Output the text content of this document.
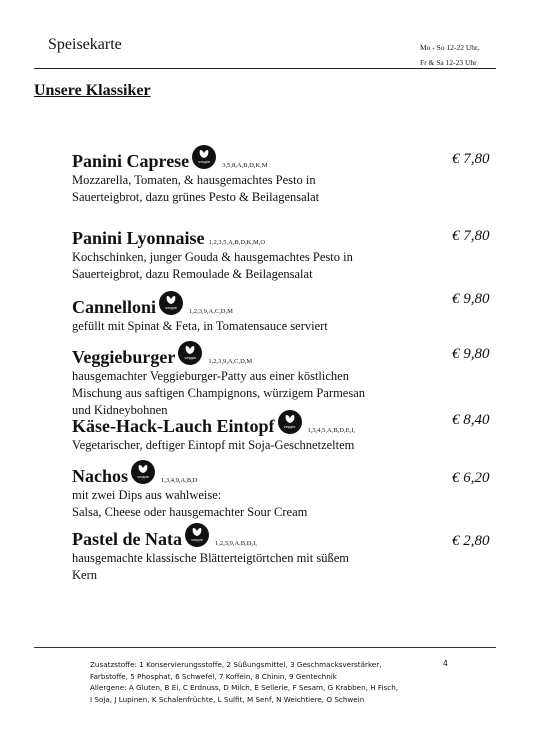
Speisekarte	Mo - So 12-22 Uhr,
Fr & Sa 12-23 Uhr
Unsere Klassiker
Panini Caprese	veggie	3,5,8,A,B,D,K,M
Mozzarella, Tomaten, & hausgemachtes Pesto in
Sauerteigbrot, dazu grünes Pesto & Beilagensalat
€ 7,80
Panini Lyonnaise 1,2,3,5,A,B,D,K,M,O
Kochschinken, junger Gouda & hausgemachtes Pesto in
Sauerteigbrot, dazu Remoulade & Beilagensalat
€ 7,80
Cannelloni	veggie	1,2,3,9,A,C,D,M
gefüllt mit Spinat & Feta, in Tomatensauce serviert
€ 9,80
Veggieburger	veggie	1,2,3,9,A,C,D,M
hausgemachter Veggieburger-Patty aus einer köstlichen
Mischung aus saftigen Champignons, würzigem Parmesan
und Kidneybohnen
€ 9,80
Käse-Hack-Lauch Eintopf	veggie	1,3,4,5,A,B,D,E,I,
Vegetarischer, deftiger Eintopf mit Soja-Geschnetzeltem
€ 8,40
Nachos	veggie	1,3,4,9,A,B,D
mit zwei Dips aus wahlweise:
Salsa, Cheese oder hausgemachter Sour Cream
€ 6,20
Pastel de Nata	veggie	1,2,3,9,A,B,D,I,
hausgemachte klassische Blätterteigtörtchen mit süßem
Kern
€ 2,80
Zusatzstoffe: 1 Konservierungsstoffe, 2 Süßungsmittel, 3 Geschmacksverstärker,
Farbstoffe, 5 Phosphat, 6 Schwefel, 7 Koffein, 8 Chinin, 9 Gentechnik
Allergene: A Gluten, B Ei, C Erdnuss, D Milch, E Sellerie, F Sesam, G Krabben, H Fisch,
I Soja, J Lupinen, K Schalenfrüchte, L Sulfit, M Senf, N Weichtiere, O Schwein
4
